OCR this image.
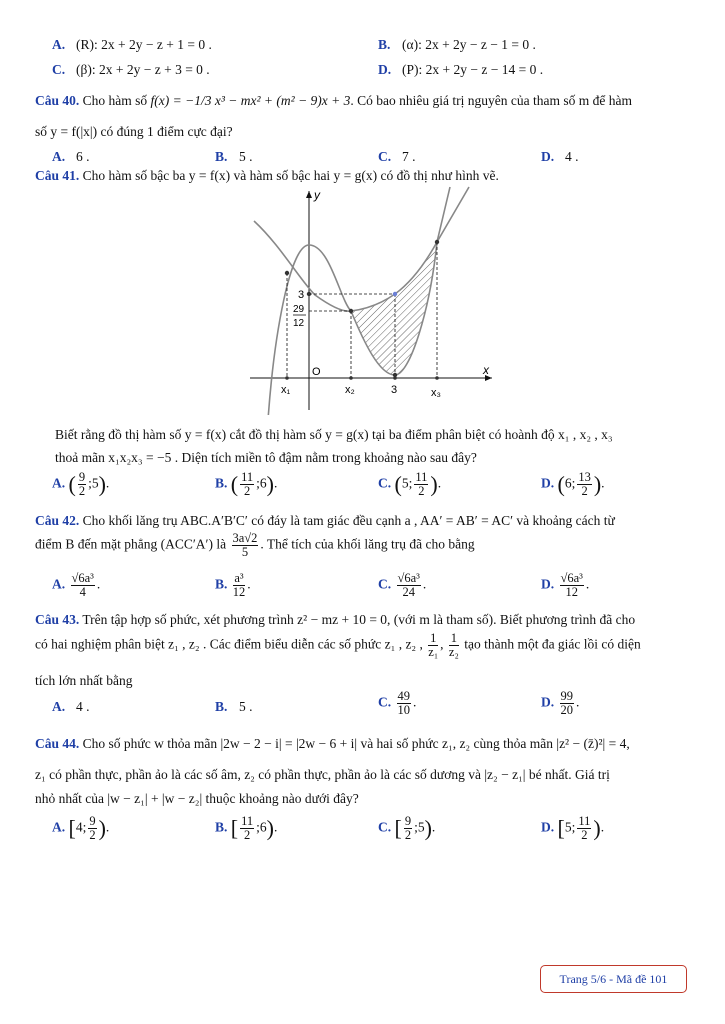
A. (R): 2x + 2y − z + 1 = 0 .	B. (α): 2x + 2y − z − 1 = 0 .
C. (β): 2x + 2y − z + 3 = 0 .	D. (P): 2x + 2y − z − 14 = 0 .
Câu 40. Cho hàm số f(x) = −1/3 x³ − mx² + (m² − 9)x + 3. Có bao nhiêu giá trị nguyên của tham số m để hàm
số y = f(|x|) có đúng 1 điểm cực đại?
A. 6 .	B. 5 .	C. 7 .	D. 4 .
Câu 41. Cho hàm số bậc ba y = f(x) và hàm số bậc hai y = g(x) có đồ thị như hình vẽ.
x
y
O
x₁	x₂	3	x₃
3
29
12
Biết rằng đồ thị hàm số y = f(x) cắt đồ thị hàm số y = g(x) tại ba điểm phân biệt có hoành độ x₁ , x₂ , x₃
thoả mãn x₁x₂x₃ = −5 . Diện tích miền tô đậm nằm trong khoảng nào sau đây?
A. ( $\frac{9}{2}$ ;5).	B. ( $\frac{11}{2}$ ;6).	C. (5; $\frac{11}{2}$ ).	D. (6; $\frac{13}{2}$ ).
Câu 42. Cho khối lăng trụ ABC.A′B′C′ có đáy là tam giác đều cạnh a , AA′ = AB′ = AC′ và khoảng cách từ
điểm B đến mặt phẳng (ACC′A′) là $\frac{3a√2}{5}$ . Thể tích của khối lăng trụ đã cho bằng
A. $\frac{\text{√6a³}}{4}$ .	B. $\frac{\text{a³}}{12}$ .	C. $\frac{\text{√6a³}}{24}$ .	D. $\frac{\text{√6a³}}{12}$ .
Câu 43. Trên tập hợp số phức, xét phương trình z² − mz + 10 = 0, (với m là tham số). Biết phương trình đã cho
có hai nghiệm phân biệt z₁ , z₂ . Các điểm biểu diễn các số phức z₁ , z₂ , $\frac{1}{\text{z₁}}$ , $\frac{1}{\text{z₂}}$ tạo thành một đa giác lồi có diện
tích lớn nhất bằng
A. 4 .	B. 5 .	C. $\frac{49}{10}$ .	D. $\frac{99}{20}$ .
Câu 44. Cho số phức w thỏa mãn |2w − 2 − i| = |2w − 6 + i| và hai số phức z₁, z₂ cùng thỏa mãn |z² − (z̄)²| = 4,
z₁ có phần thực, phần ảo là các số âm, z₂ có phần thực, phần ảo là các số dương và |z₂ − z₁| bé nhất. Giá trị
nhỏ nhất của |w − z₁| + |w − z₂| thuộc khoảng nào dưới đây?
A. [4; $\frac{9}{2}$ ).	B. [ $\frac{11}{2}$ ;6).	C. [ $\frac{9}{2}$ ;5).	D. [5; $\frac{11}{2}$ ).
Trang 5/6 - Mã đề 101
